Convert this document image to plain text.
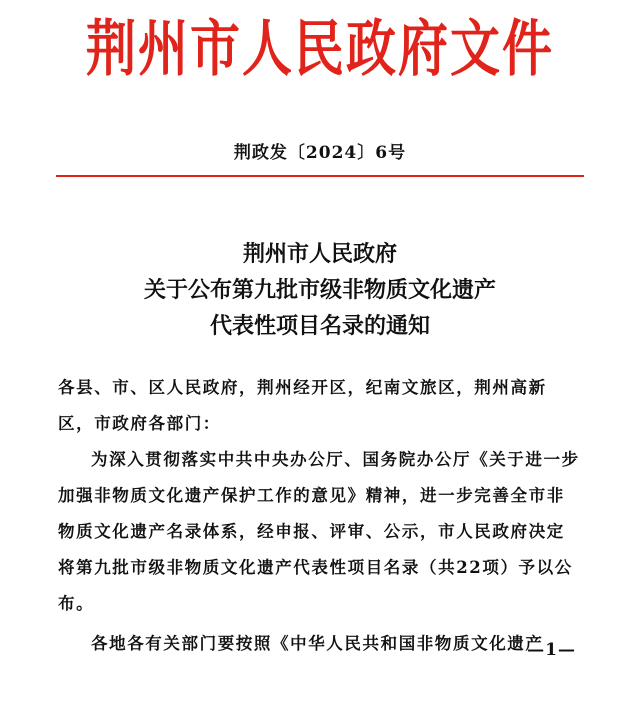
荆州市人民政府文件
荆政发〔2024〕6号
荆州市人民政府
关于公布第九批市级非物质文化遗产
代表性项目名录的通知

各县、市、区人民政府，荆州经开区，纪南文旅区，荆州高新区，市政府各部门：

为深入贯彻落实中共中央办公厅、国务院办公厅《关于进一步加强非物质文化遗产保护工作的意见》精神，进一步完善全市非物质文化遗产名录体系，经申报、评审、公示，市人民政府决定将第九批市级非物质文化遗产代表性项目名录（共22项）予以公布。

各地各有关部门要按照《中华人民共和国非物质文化遗产

—1—
